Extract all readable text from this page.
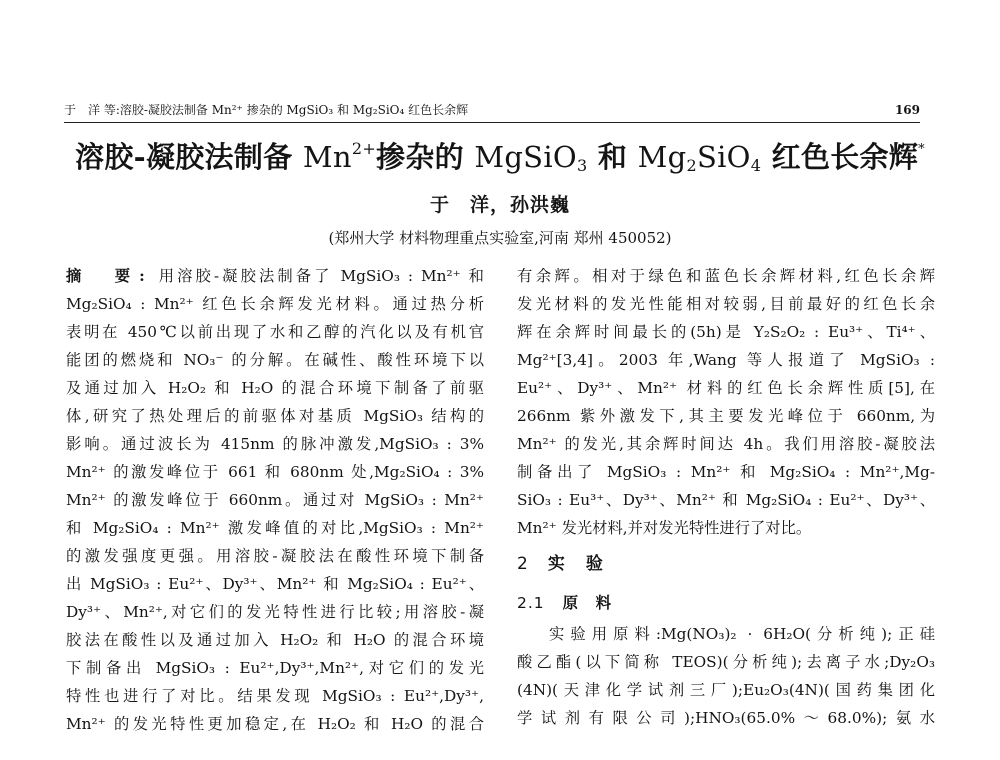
于　洋 等:溶胶-凝胶法制备 Mn²⁺ 掺杂的 MgSiO₃ 和 Mg₂SiO₄ 红色长余辉	169
溶胶-凝胶法制备 $Mn^{2+}$掺杂的 MgSiO$_3$ 和 $Mg_2SiO_4$ 红色长余辉*
于　洋，孙洪巍
(郑州大学 材料物理重点实验室,河南 郑州 450052)
摘　要: 用溶胶-凝胶法制备了 MgSiO₃ : Mn²⁺ 和
Mg₂SiO₄ : Mn²⁺ 红色长余辉发光材料。通过热分析
表明在 450℃以前出现了水和乙醇的汽化以及有机官
能团的燃烧和 NO₃⁻ 的分解。在碱性、酸性环境下以
及通过加入 H₂O₂ 和 H₂O 的混合环境下制备了前驱
体,研究了热处理后的前驱体对基质 MgSiO₃ 结构的
影响。通过波长为 415nm 的脉冲激发,MgSiO₃ : 3%
Mn²⁺ 的激发峰位于 661 和 680nm 处,Mg₂SiO₄ : 3%
Mn²⁺ 的激发峰位于 660nm。通过对 MgSiO₃ : Mn²⁺
和 Mg₂SiO₄ : Mn²⁺ 激发峰值的对比,MgSiO₃ : Mn²⁺
的激发强度更强。用溶胶-凝胶法在酸性环境下制备
出 MgSiO₃ : Eu²⁺、Dy³⁺、Mn²⁺ 和 Mg₂SiO₄ : Eu²⁺、
Dy³⁺、Mn²⁺,对它们的发光特性进行比较;用溶胶-凝
胶法在酸性以及通过加入 H₂O₂ 和 H₂O 的混合环境
下制备出 MgSiO₃ : Eu²⁺,Dy³⁺,Mn²⁺,对它们的发光
特性也进行了对比。结果发现 MgSiO₃ : Eu²⁺,Dy³⁺,
Mn²⁺ 的发光特性更加稳定,在 H₂O₂ 和 H₂O 的混合
有余辉。相对于绿色和蓝色长余辉材料,红色长余辉
发光材料的发光性能相对较弱,目前最好的红色长余
辉在余辉时间最长的(5h)是 Y₂S₂O₂ : Eu³⁺、Ti⁴⁺、
Mg²⁺[3,4]。2003 年,Wang 等人报道了 MgSiO₃ :
Eu²⁺、Dy³⁺、Mn²⁺ 材料的红色长余辉性质[5],在
266nm 紫外激发下,其主要发光峰位于 660nm,为
Mn²⁺ 的发光,其余辉时间达 4h。我们用溶胶-凝胶法
制备出了 MgSiO₃ : Mn²⁺ 和 Mg₂SiO₄ : Mn²⁺,Mg-
SiO₃ : Eu³⁺、Dy³⁺、Mn²⁺ 和 Mg₂SiO₄ : Eu²⁺、Dy³⁺、
Mn²⁺ 发光材料,并对发光特性进行了对比。
2 实　验
2.1 原　料
实验用原料:Mg(NO₃)₂ · 6H₂O(分析纯);正硅
酸乙酯(以下简称 TEOS)(分析纯);去离子水;Dy₂O₃
(4N)(天津化学试剂三厂);Eu₂O₃(4N)(国药集团化
学试剂有限公司);HNO₃(65.0%～68.0%);氨水
